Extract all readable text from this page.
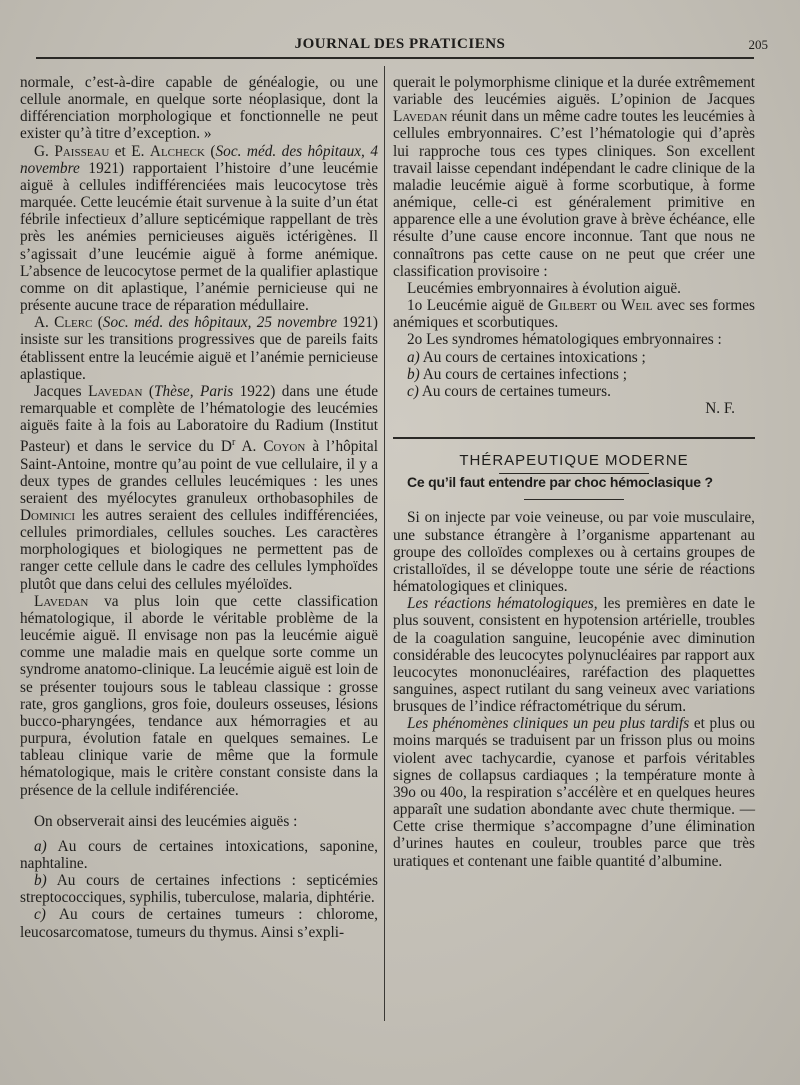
JOURNAL DES PRATICIENS	205

normale, c’est-à-dire capable de généalogie, ou une cellule anormale, en quelque sorte néoplasique, dont la différenciation morphologique et fonctionnelle ne peut exister qu’à titre d’exception. »

G. Paisseau et E. Alcheck (Soc. méd. des hôpitaux, 4 novembre 1921) rapportaient l’histoire d’une leucémie aiguë à cellules indifférenciées mais leucocytose très marquée. Cette leucémie était survenue à la suite d’un état fébrile infectieux d’allure septicémique rappellant de très près les anémies pernicieuses aiguës ictérigènes. Il s’agissait d’une leucémie aiguë à forme anémique. L’absence de leucocytose permet de la qualifier aplastique comme on dit aplastique, l’anémie pernicieuse qui ne présente aucune trace de réparation médullaire.

A. Clerc (Soc. méd. des hôpitaux, 25 novembre 1921) insiste sur les transitions progressives que de pareils faits établissent entre la leucémie aiguë et l’anémie pernicieuse aplastique.

Jacques Lavedan (Thèse, Paris 1922) dans une étude remarquable et complète de l’hématologie des leucémies aiguës faite à la fois au Laboratoire du Radium (Institut Pasteur) et dans le service du $D^r$ A. Coyon à l’hôpital Saint-Antoine, montre qu’au point de vue cellulaire, il y a deux types de grandes cellules leucémiques : les unes seraient des myélocytes granuleux orthobasophiles de Dominici les autres seraient des cellules indifférenciées, cellules primordiales, cellules souches. Les caractères morphologiques et biologiques ne permettent pas de ranger cette cellule dans le cadre des cellules lymphoïdes plutôt que dans celui des cellules myéloïdes.

Lavedan va plus loin que cette classification hématologique, il aborde le véritable problème de la leucémie aiguë. Il envisage non pas la leucémie aiguë comme une maladie mais en quelque sorte comme un syndrome anatomo-clinique. La leucémie aiguë est loin de se présenter toujours sous le tableau classique : grosse rate, gros ganglions, gros foie, douleurs osseuses, lésions bucco-pharyngées, tendance aux hémorragies et au purpura, évolution fatale en quelques semaines. Le tableau clinique varie de même que la formule hématologique, mais le critère constant consiste dans la présence de la cellule indiférenciée.

On observerait ainsi des leucémies aiguës :

a) Au cours de certaines intoxications, saponine, naphtaline.

b) Au cours de certaines infections : septicémies streptococciques, syphilis, tuberculose, malaria, diphtérie.

c) Au cours de certaines tumeurs : chlorome, leucosarcomatose, tumeurs du thymus. Ainsi s’expli-

querait le polymorphisme clinique et la durée extrêmement variable des leucémies aiguës. L’opinion de Jacques Lavedan réunit dans un même cadre toutes les leucémies à cellules embryonnaires. C’est l’hématologie qui d’après lui rapproche tous ces types cliniques. Son excellent travail laisse cependant indépendant le cadre clinique de la maladie leucémie aiguë à forme scorbutique, à forme anémique, celle-ci est généralement primitive en apparence elle a une évolution grave à brève échéance, elle résulte d’une cause encore inconnue. Tant que nous ne connaîtrons pas cette cause on ne peut que créer une classification provisoire :

Leucémies embryonnaires à évolution aiguë.

1o Leucémie aiguë de Gilbert ou Weil avec ses formes anémiques et scorbutiques.

2o Les syndromes hématologiques embryonnaires :

a) Au cours de certaines intoxications ;

b) Au cours de certaines infections ;

c) Au cours de certaines tumeurs.

N. F.

THÉRAPEUTIQUE MODERNE

Ce qu’il faut entendre par choc hémoclasique ?

Si on injecte par voie veineuse, ou par voie musculaire, une substance étrangère à l’organisme appartenant au groupe des colloïdes complexes ou à certains groupes de cristalloïdes, il se développe toute une série de réactions hématologiques et cliniques.

Les réactions hématologiques, les premières en date le plus souvent, consistent en hypotension artérielle, troubles de la coagulation sanguine, leucopénie avec diminution considérable des leucocytes polynucléaires par rapport aux leucocytes mononucléaires, raréfaction des plaquettes sanguines, aspect rutilant du sang veineux avec variations brusques de l’indice réfractométrique du sérum.

Les phénomènes cliniques un peu plus tardifs et plus ou moins marqués se traduisent par un frisson plus ou moins violent avec tachycardie, cyanose et parfois véritables signes de collapsus cardiaques ; la température monte à 39o ou 40o, la respiration s’accélère et en quelques heures apparaît une sudation abondante avec chute thermique. — Cette crise thermique s’accompagne d’une élimination d’urines hautes en couleur, troubles parce que très uratiques et contenant une faible quantité d’albumine.
